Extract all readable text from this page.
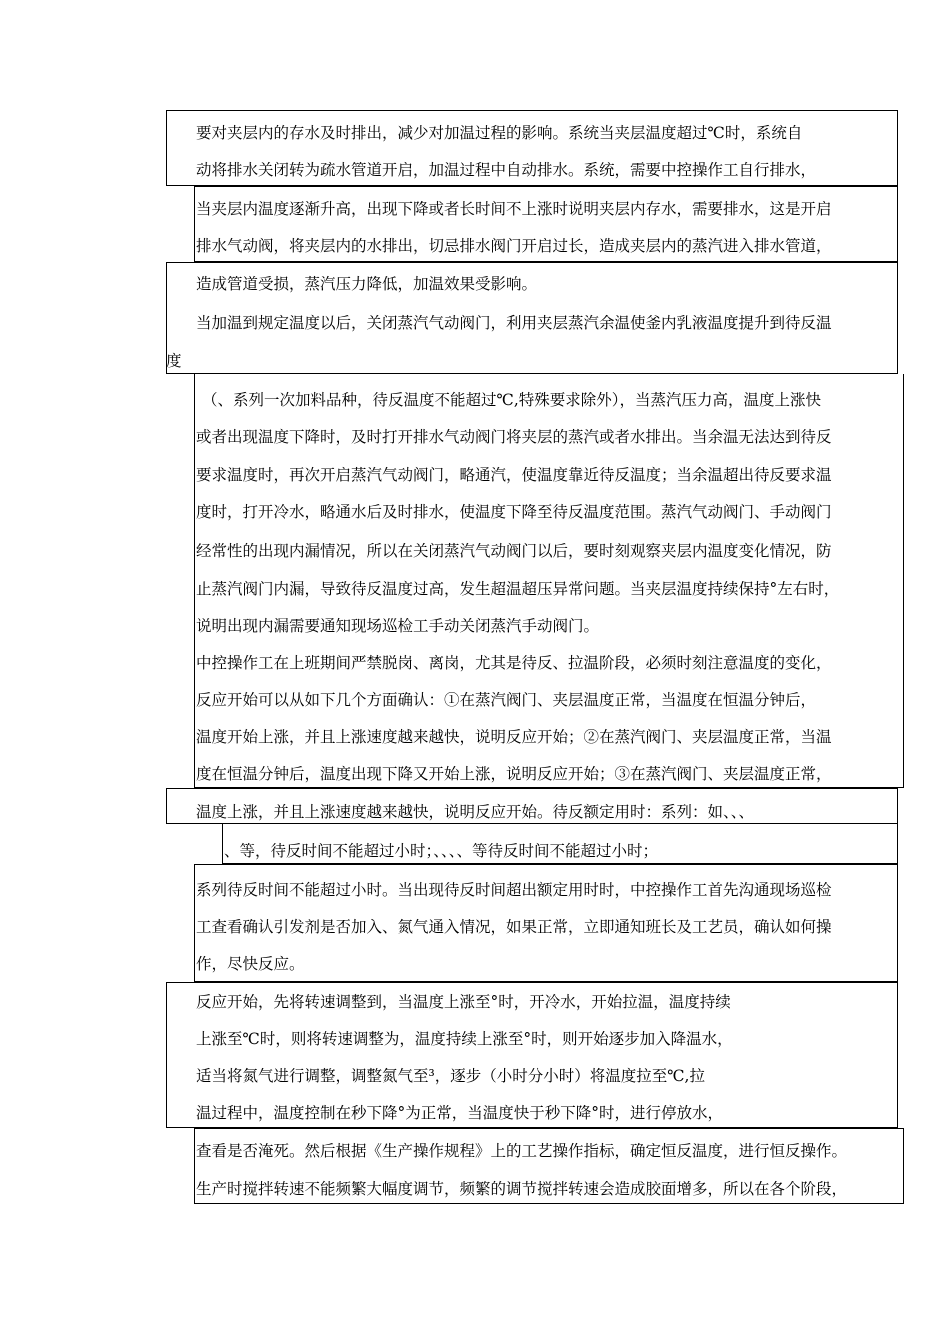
要对夹层内的存水及时排出，减少对加温过程的影响。系统当夹层温度超过℃时，系统自
动将排水关闭转为疏水管道开启，加温过程中自动排水。系统，需要中控操作工自行排水，
当夹层内温度逐渐升高，出现下降或者长时间不上涨时说明夹层内存水，需要排水，这是开启
排水气动阀，将夹层内的水排出，切忌排水阀门开启过长，造成夹层内的蒸汽进入排水管道，
造成管道受损，蒸汽压力降低，加温效果受影响。
当加温到规定温度以后，关闭蒸汽气动阀门，利用夹层蒸汽余温使釜内乳液温度提升到待反温
度
（、系列一次加料品种，待反温度不能超过℃,特殊要求除外），当蒸汽压力高，温度上涨快
或者出现温度下降时，及时打开排水气动阀门将夹层的蒸汽或者水排出。当余温无法达到待反
要求温度时，再次开启蒸汽气动阀门，略通汽，使温度靠近待反温度；当余温超出待反要求温
度时，打开冷水，略通水后及时排水，使温度下降至待反温度范围。蒸汽气动阀门、手动阀门
经常性的出现内漏情况，所以在关闭蒸汽气动阀门以后，要时刻观察夹层内温度变化情况，防
止蒸汽阀门内漏，导致待反温度过高，发生超温超压异常问题。当夹层温度持续保持°左右时，
说明出现内漏需要通知现场巡检工手动关闭蒸汽手动阀门。
中控操作工在上班期间严禁脱岗、离岗，尤其是待反、拉温阶段，必须时刻注意温度的变化，
反应开始可以从如下几个方面确认：①在蒸汽阀门、夹层温度正常，当温度在恒温分钟后，
温度开始上涨，并且上涨速度越来越快，说明反应开始；②在蒸汽阀门、夹层温度正常，当温
度在恒温分钟后，温度出现下降又开始上涨，说明反应开始；③在蒸汽阀门、夹层温度正常，
温度上涨，并且上涨速度越来越快，说明反应开始。待反额定用时：系列：如、、、
、等，待反时间不能超过小时；、、、、等待反时间不能超过小时；
系列待反时间不能超过小时。当出现待反时间超出额定用时时，中控操作工首先沟通现场巡检
工查看确认引发剂是否加入、氮气通入情况，如果正常，立即通知班长及工艺员，确认如何操
作，尽快反应。
反应开始，先将转速调整到，当温度上涨至°时，开冷水，开始拉温，温度持续
上涨至℃时，则将转速调整为，温度持续上涨至°时，则开始逐步加入降温水，
适当将氮气进行调整，调整氮气至³，逐步（小时分小时）将温度拉至℃,拉
温过程中，温度控制在秒下降°为正常，当温度快于秒下降°时，进行停放水，
查看是否淹死。然后根据《生产操作规程》上的工艺操作指标，确定恒反温度，进行恒反操作。
生产时搅拌转速不能频繁大幅度调节，频繁的调节搅拌转速会造成胶面增多，所以在各个阶段，
